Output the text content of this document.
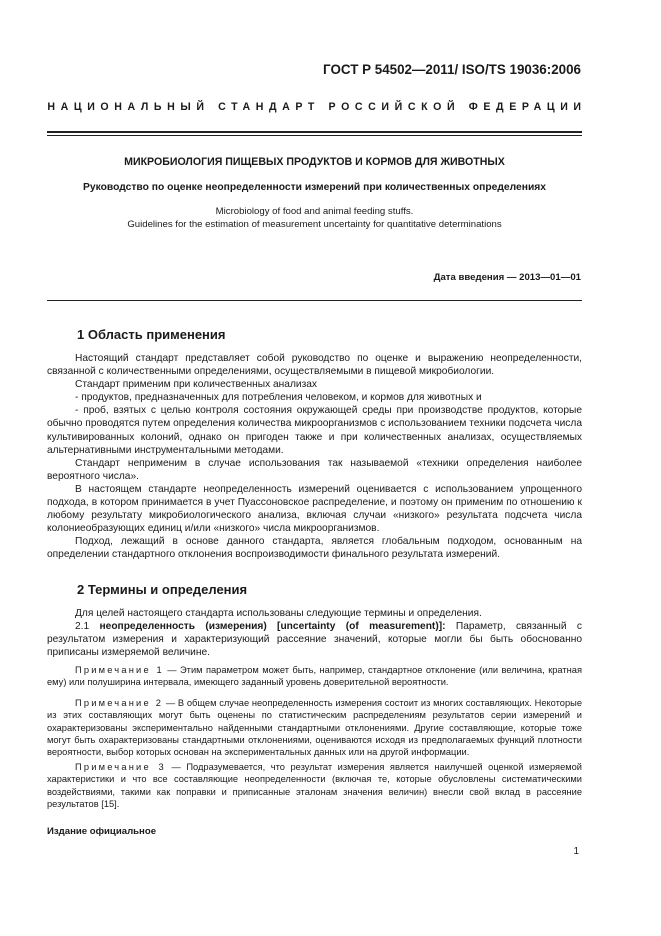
ГОСТ Р 54502—2011/ ISO/TS 19036:2006
НАЦИОНАЛЬНЫЙ СТАНДАРТ РОССИЙСКОЙ ФЕДЕРАЦИИ
МИКРОБИОЛОГИЯ ПИЩЕВЫХ ПРОДУКТОВ И КОРМОВ ДЛЯ ЖИВОТНЫХ
Руководство по оценке неопределенности измерений при количественных определениях
Microbiology of food and animal feeding stuffs.
Guidelines for the estimation of measurement uncertainty for quantitative determinations
Дата введения — 2013—01—01
1 Область применения

Настоящий стандарт представляет собой руководство по оценке и выражению неопределенности, связанной с количественными определениями, осуществляемыми в пищевой микробиологии.

Стандарт применим при количественных анализах

- продуктов, предназначенных для потребления человеком, и кормов для животных и

- проб, взятых с целью контроля состояния окружающей среды при производстве продуктов, которые обычно проводятся путем определения количества микроорганизмов с использованием техники подсчета числа культивированных колоний, однако он пригоден также и при количественных анализах, осуществляемых альтернативными инструментальными методами.

Стандарт неприменим в случае использования так называемой «техники определения наиболее вероятного числа».

В настоящем стандарте неопределенность измерений оценивается с использованием упрощенного подхода, в котором принимается в учет Пуассоновское распределение, и поэтому он применим по отношению к любому результату микробиологического анализа, включая случаи «низкого» результата подсчета числа колониеобразующих единиц и/или «низкого» числа микроорганизмов.

Подход, лежащий в основе данного стандарта, является глобальным подходом, основанным на определении стандартного отклонения воспроизводимости финального результата измерений.

2 Термины и определения

Для целей настоящего стандарта использованы следующие термины и определения.

2.1 неопределенность (измерения) [uncertainty (of measurement)]: Параметр, связанный с результатом измерения и характеризующий рассеяние значений, которые могли бы быть обоснованно приписаны измеряемой величине.

Примечание 1 — Этим параметром может быть, например, стандартное отклонение (или величина, кратная ему) или полуширина интервала, имеющего заданный уровень доверительной вероятности.

Примечание 2 — В общем случае неопределенность измерения состоит из многих составляющих. Некоторые из этих составляющих могут быть оценены по статистическим распределениям результатов серии измерений и охарактеризованы экспериментально найденными стандартными отклонениями. Другие составляющие, которые тоже могут быть охарактеризованы стандартными отклонениями, оцениваются исходя из предполагаемых функций плотности вероятности, выбор которых основан на экспериментальных данных или на другой информации.

Примечание 3 — Подразумевается, что результат измерения является наилучшей оценкой измеряемой характеристики и что все составляющие неопределенности (включая те, которые обусловлены систематическими воздействиями, такими как поправки и приписанные эталонам значения величин) внесли свой вклад в рассеяние результатов [15].

Издание официальное
1
